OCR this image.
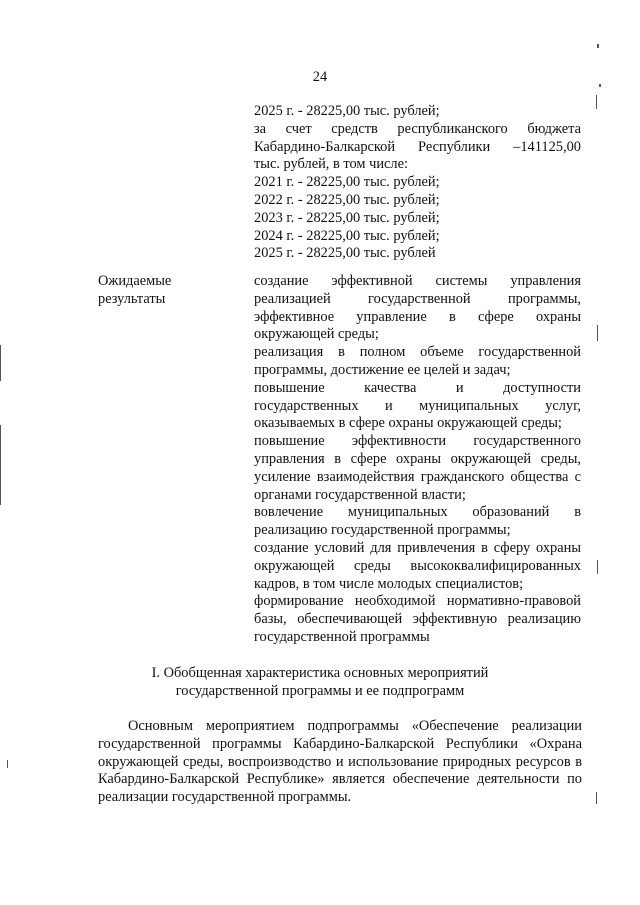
24
2025 г. - 28225,00 тыс. рублей;
за счет средств республиканского бюджета
Кабардино-Балкарской Республики –141125,00
тыс. рублей, в том числе:
2021 г. - 28225,00 тыс. рублей;
2022 г. - 28225,00 тыс. рублей;
2023 г. - 28225,00 тыс. рублей;
2024 г. - 28225,00 тыс. рублей;
2025 г. - 28225,00 тыс. рублей
Ожидаемые результаты

создание эффективной системы управления реализацией государственной программы, эффективное управление в сфере охраны окружающей среды;

реализация в полном объеме государственной программы, достижение ее целей и задач;

повышение качества и доступности государственных и муниципальных услуг, оказываемых в сфере охраны окружающей среды;

повышение эффективности государственного управления в сфере охраны окружающей среды, усиление взаимодействия гражданского общества с органами государственной власти;

вовлечение муниципальных образований в реализацию государственной программы;

создание условий для привлечения в сферу охраны окружающей среды высококвалифицированных кадров, в том числе молодых специалистов;

формирование необходимой нормативно-правовой базы, обеспечивающей эффективную реализацию государственной программы

I. Обобщенная характеристика основных мероприятий
государственной программы и ее подпрограмм

Основным мероприятием подпрограммы «Обеспечение реализации государственной программы Кабардино-Балкарской Республики «Охрана окружающей среды, воспроизводство и использование природных ресурсов в Кабардино-Балкарской Республике» является обеспечение деятельности по реализации государственной программы.
